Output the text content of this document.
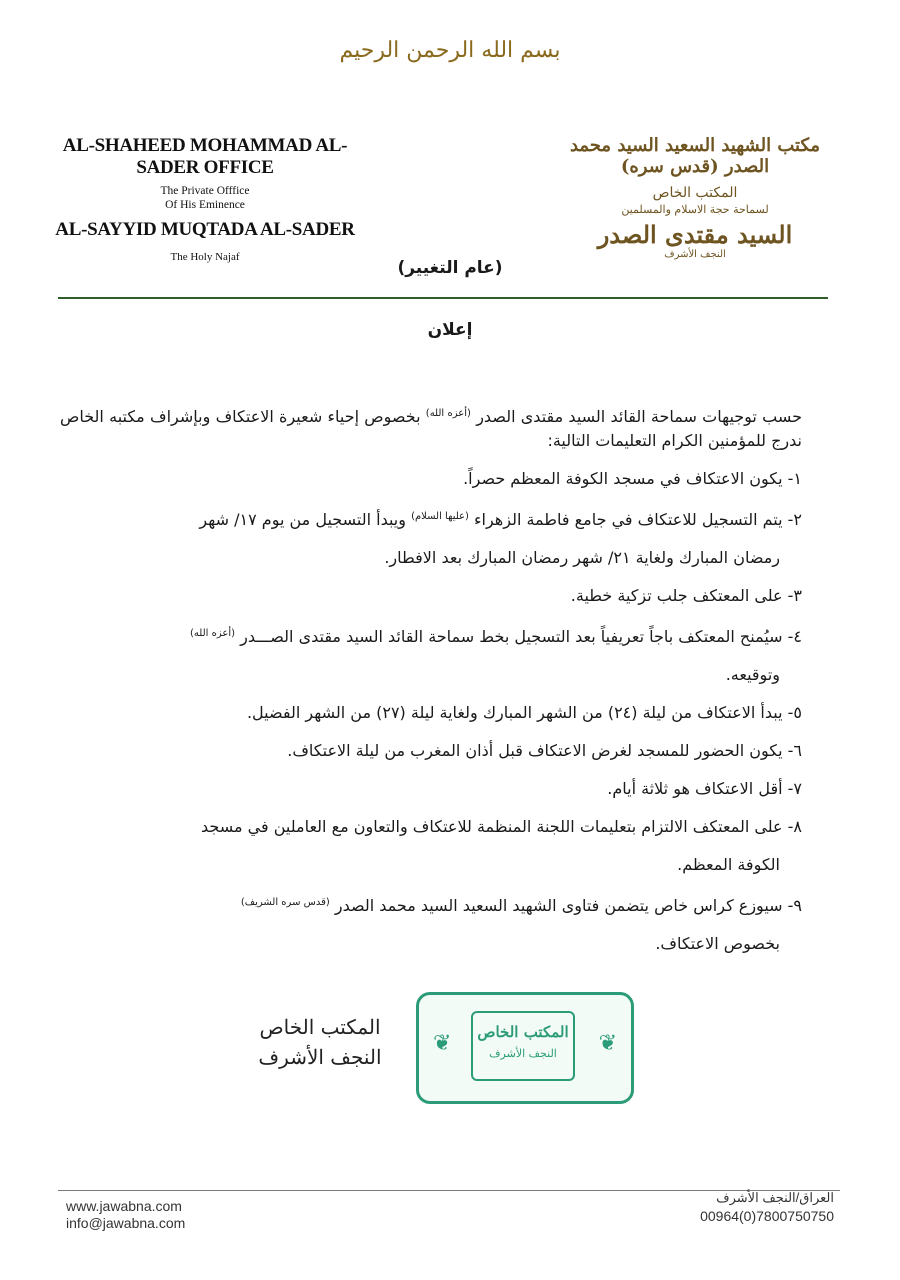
بسم الله الرحمن الرحيم
AL-SHAHEED MOHAMMAD AL-SADER OFFICE
The Private Offfice
Of His Eminence
AL-SAYYID MUQTADA AL-SADER
The Holy Najaf
مكتب الشهيد السعيد السيد محمد الصدر (قدس سره)
المكتب الخاص
لسماحة حجة الاسلام والمسلمين
السيد مقتدى الصدر
النجف الأشرف
(عام التغيير)
إعلان

حسب توجيهات سماحة القائد السيد مقتدى الصدر $^{(أعزه الله)}$ بخصوص إحياء شعيرة الاعتكاف وبإشراف مكتبه الخاص ندرج للمؤمنين الكرام التعليمات التالية:

١- يكون الاعتكاف في مسجد الكوفة المعظم حصراً.

٢- يتم التسجيل للاعتكاف في جامع فاطمة الزهراء $^{(عليها السلام)}$ ويبدأ التسجيل من يوم ١٧/ شهر

رمضان المبارك ولغاية ٢١/ شهر رمضان المبارك بعد الافطار.

٣- على المعتكف جلب تزكية خطية.

٤- سيُمنح المعتكف باجاً تعريفياً بعد التسجيل بخط سماحة القائد السيد مقتدى الصـــدر $^{(أعزه الله)}$

وتوقيعه.

٥- يبدأ الاعتكاف من ليلة (٢٤) من الشهر المبارك ولغاية ليلة (٢٧) من الشهر الفضيل.

٦- يكون الحضور للمسجد لغرض الاعتكاف قبل أذان المغرب من ليلة الاعتكاف.

٧- أقل الاعتكاف هو ثلاثة أيام.

٨- على المعتكف الالتزام بتعليمات اللجنة المنظمة للاعتكاف والتعاون مع العاملين في مسجد

الكوفة المعظم.

٩- سيوزع كراس خاص يتضمن فتاوى الشهيد السعيد السيد محمد الصدر $^{(قدس سره الشريف)}$

بخصوص الاعتكاف.

المكتب الخاص
النجف الأشرف
❦ المكتب الخاص
النجف الأشرف	❦
www.jawabna.com
info@jawabna.com
العراق/النجف الأشرف
00964(0)7800750750
